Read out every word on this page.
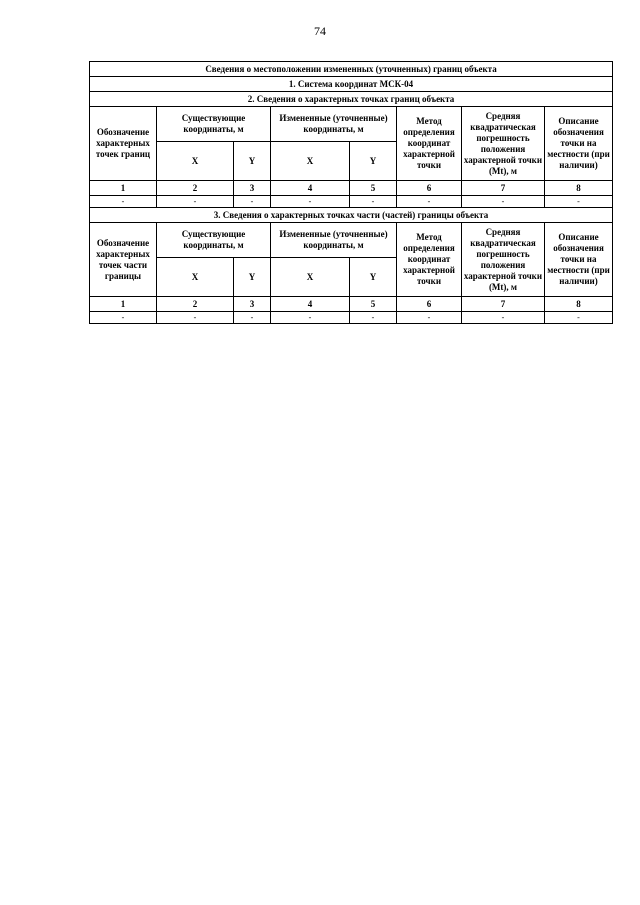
74
Сведения о местоположении измененных (уточненных) границ объекта							
1. Система координат МСК-04							
2. Сведения о характерных точках границ объекта							
Обозначение характерных точек границ	Существующие координаты, м		Измененные (уточненные) координаты, м		Метод определения координат характерной точки	Средняя квадратическая погрешность положения характерной точки (Mt), м	Описание обозначения точки на местности (при наличии)
	X	Y	X	Y			
1	2	3	4	5	6	7	8
-	-	-	-	-	-	-	-
3. Сведения о характерных точках части (частей) границы объекта							
Обозначение характерных точек части границы	Существующие координаты, м		Измененные (уточненные) координаты, м		Метод определения координат характерной точки	Средняя квадратическая погрешность положения характерной точки (Mt), м	Описание обозначения точки на местности (при наличии)
	X	Y	X	Y			
1	2	3	4	5	6	7	8
-	-	-	-	-	-	-	-
